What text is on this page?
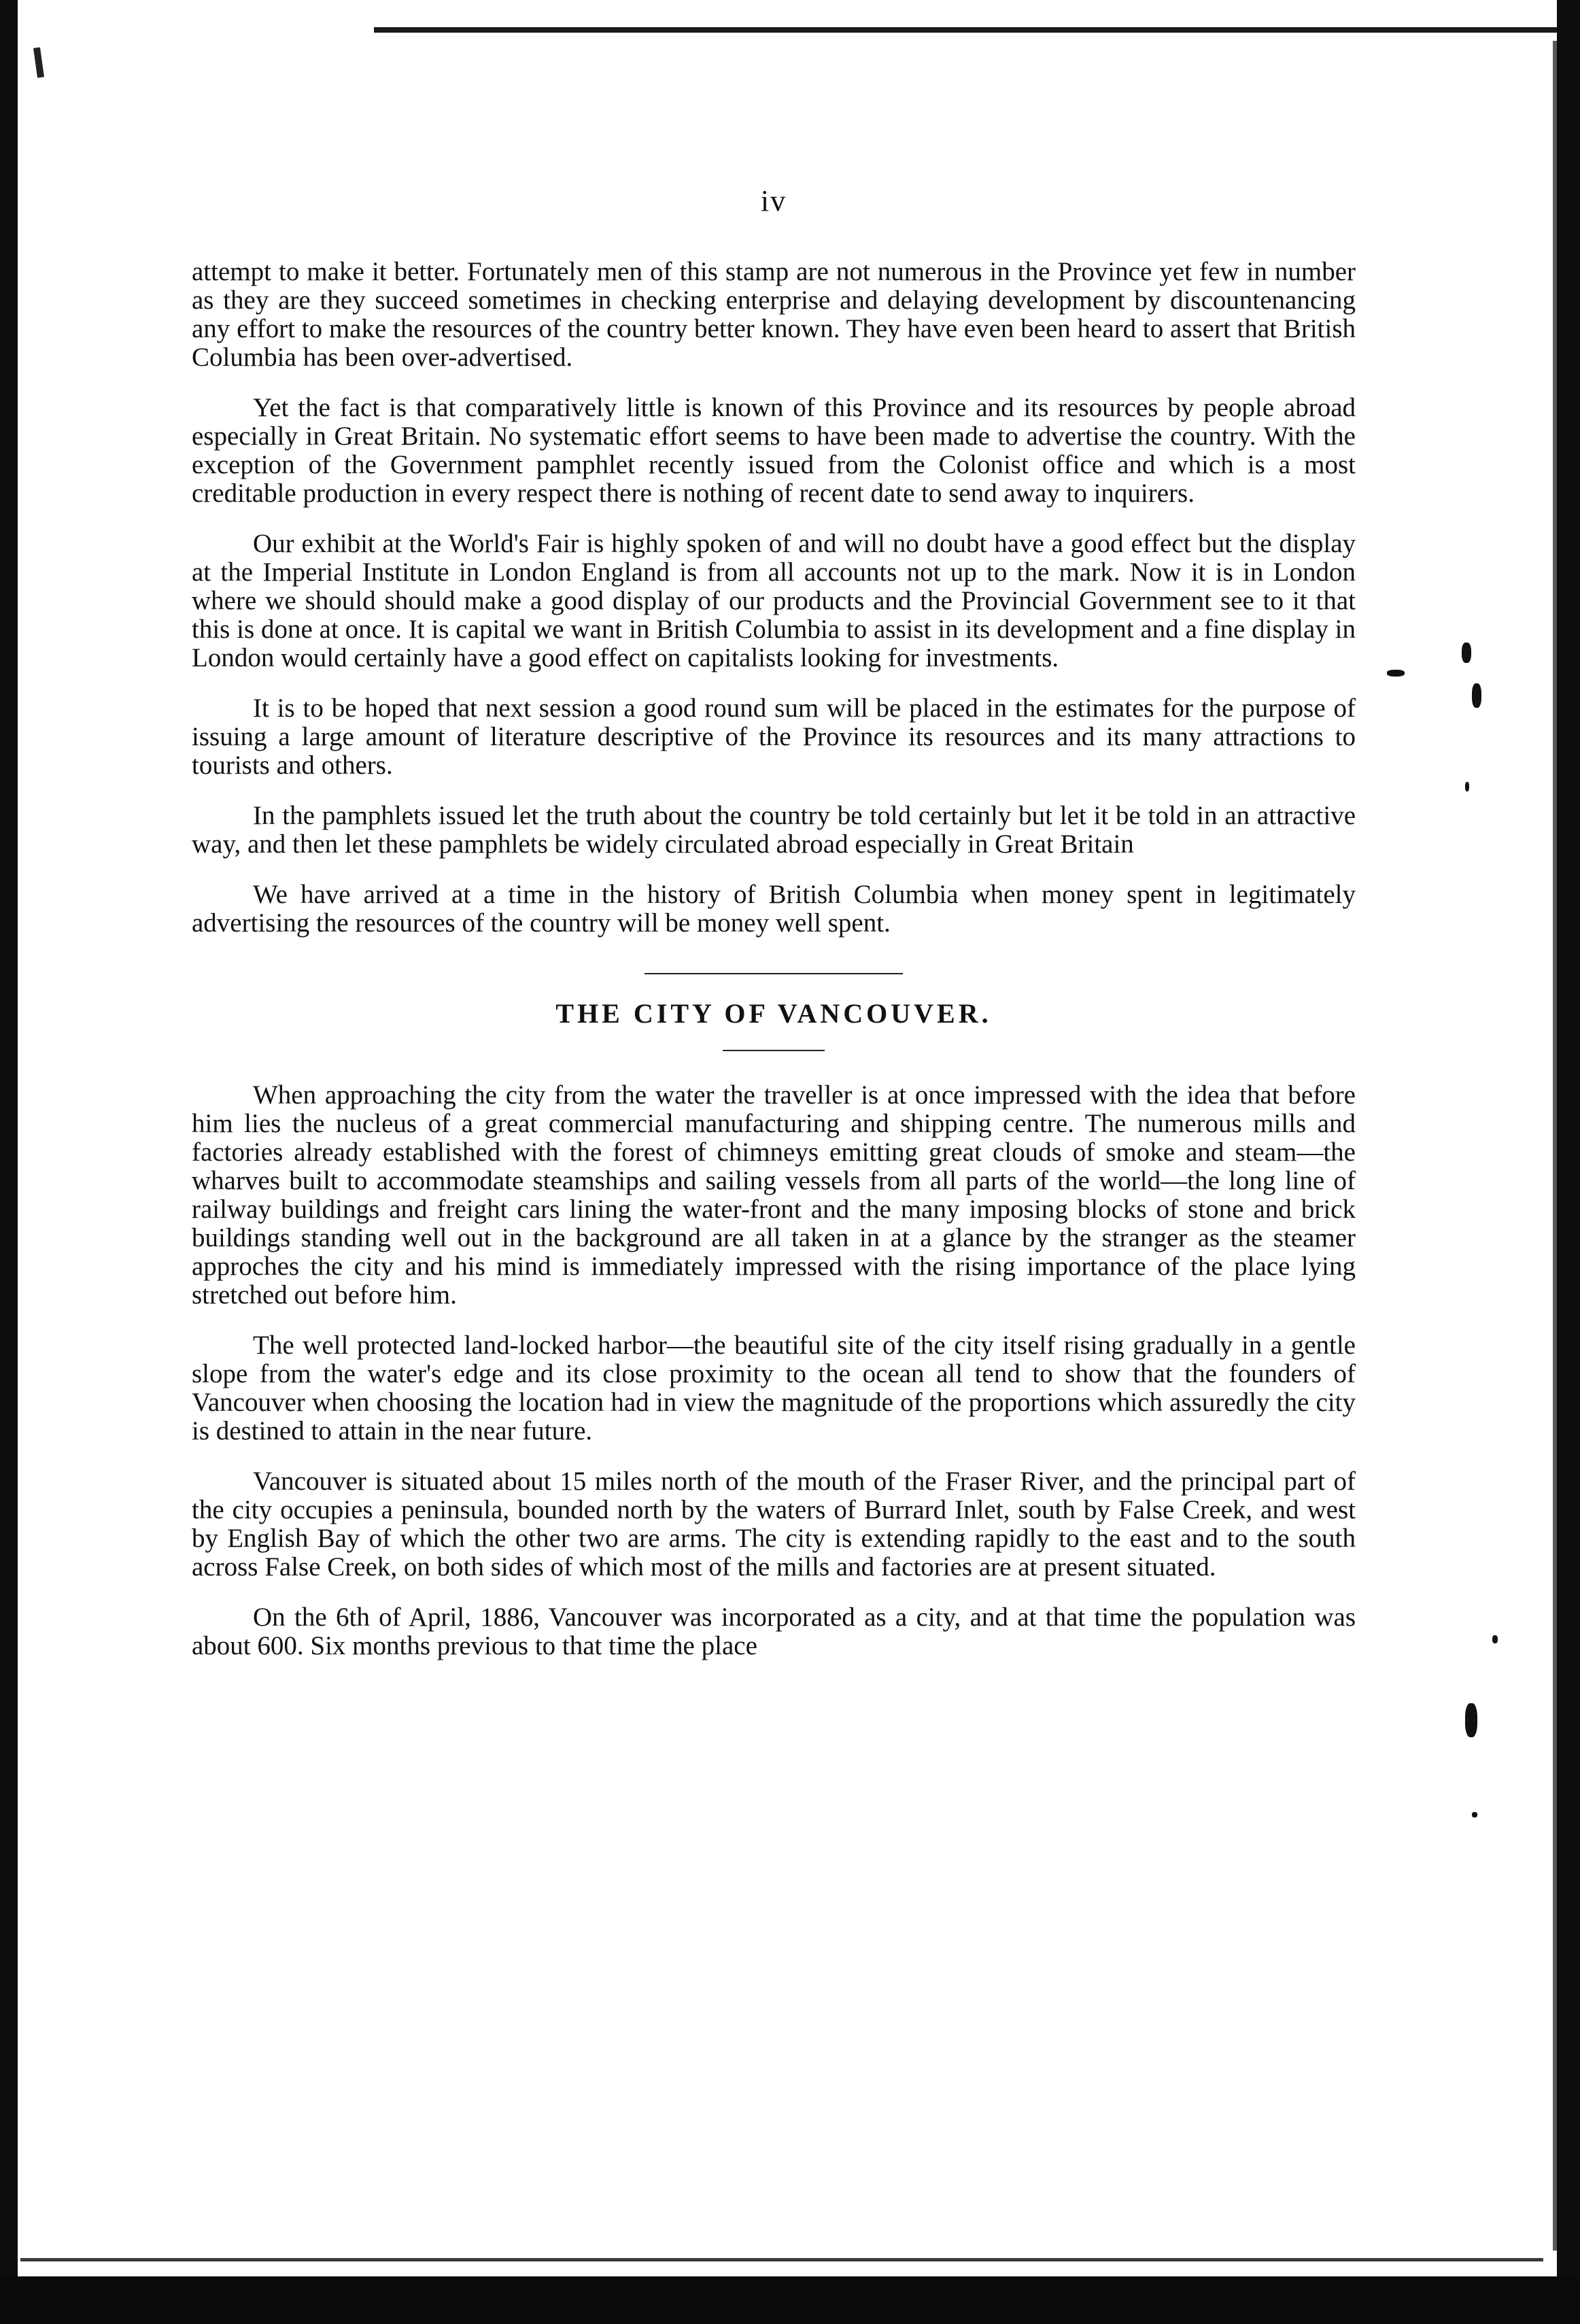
iv

attempt to make it better. Fortunately men of this stamp are not numerous in the Province yet few in number as they are they succeed sometimes in checking enterprise and delaying development by discountenancing any effort to make the resources of the country better known. They have even been heard to assert that British Columbia has been over-advertised.

Yet the fact is that comparatively little is known of this Province and its resources by people abroad especially in Great Britain. No systematic effort seems to have been made to advertise the country. With the exception of the Government pamphlet recently issued from the Colonist office and which is a most creditable production in every respect there is nothing of recent date to send away to inquirers.

Our exhibit at the World's Fair is highly spoken of and will no doubt have a good effect but the display at the Imperial Institute in London England is from all accounts not up to the mark. Now it is in London where we should should make a good display of our products and the Provincial Government see to it that this is done at once. It is capital we want in British Columbia to assist in its development and a fine display in London would certainly have a good effect on capitalists looking for investments.

It is to be hoped that next session a good round sum will be placed in the estimates for the purpose of issuing a large amount of literature descriptive of the Province its resources and its many attractions to tourists and others.

In the pamphlets issued let the truth about the country be told certainly but let it be told in an attractive way, and then let these pamphlets be widely circulated abroad especially in Great Britain

We have arrived at a time in the history of British Columbia when money spent in legitimately advertising the resources of the country will be money well spent.

THE CITY OF VANCOUVER.

When approaching the city from the water the traveller is at once impressed with the idea that before him lies the nucleus of a great commercial manufacturing and shipping centre. The numerous mills and factories already established with the forest of chimneys emitting great clouds of smoke and steam—the wharves built to accommodate steamships and sailing vessels from all parts of the world—the long line of railway buildings and freight cars lining the water-front and the many imposing blocks of stone and brick buildings standing well out in the background are all taken in at a glance by the stranger as the steamer approches the city and his mind is immediately impressed with the rising importance of the place lying stretched out before him.

The well protected land-locked harbor—the beautiful site of the city itself rising gradually in a gentle slope from the water's edge and its close proximity to the ocean all tend to show that the founders of Vancouver when choosing the location had in view the magnitude of the proportions which assuredly the city is destined to attain in the near future.

Vancouver is situated about 15 miles north of the mouth of the Fraser River, and the principal part of the city occupies a peninsula, bounded north by the waters of Burrard Inlet, south by False Creek, and west by English Bay of which the other two are arms. The city is extending rapidly to the east and to the south across False Creek, on both sides of which most of the mills and factories are at present situated.

On the 6th of April, 1886, Vancouver was incorporated as a city, and at that time the population was about 600. Six months previous to that time the place
